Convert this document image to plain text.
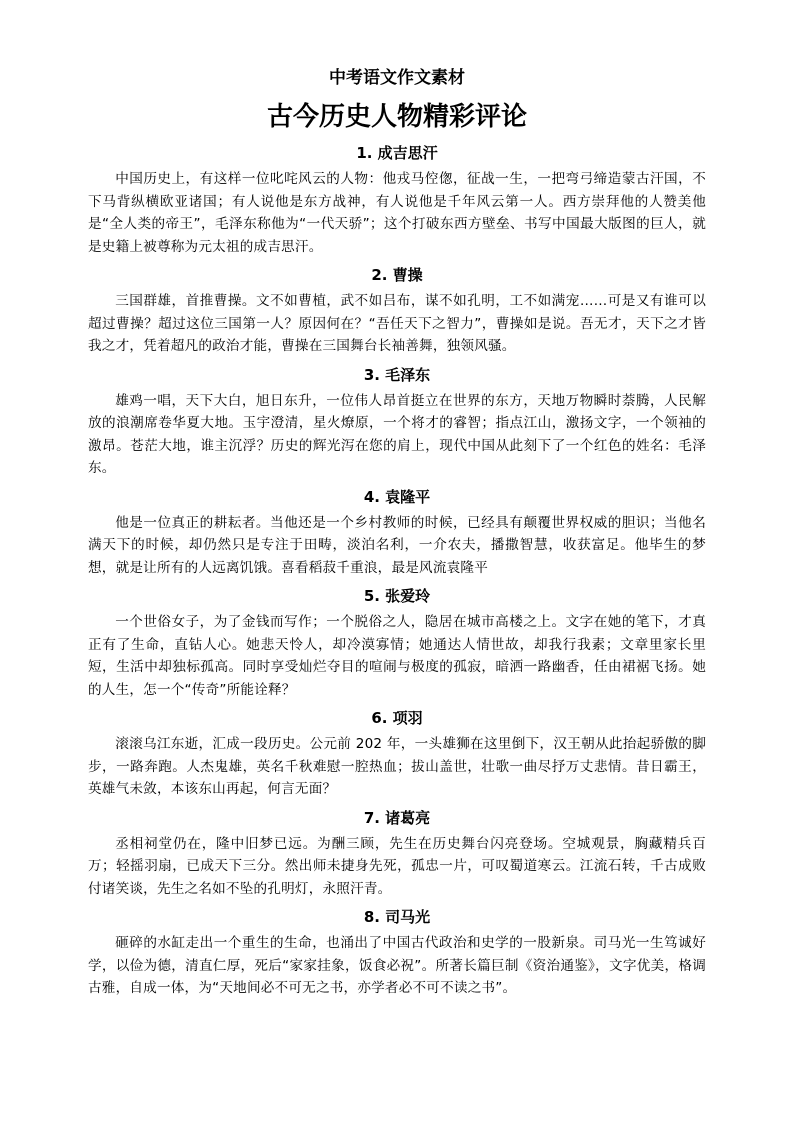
中考语文作文素材
古今历史人物精彩评论
1. 成吉思汗

中国历史上，有这样一位叱咤风云的人物：他戎马倥偬，征战一生，一把弯弓缔造蒙古汗国，不下马背纵横欧亚诸国；有人说他是东方战神，有人说他是千年风云第一人。西方崇拜他的人赞美他是“全人类的帝王”，毛泽东称他为“一代天骄”；这个打破东西方壁垒、书写中国最大版图的巨人，就是史籍上被尊称为元太祖的成吉思汗。

2. 曹操

三国群雄，首推曹操。文不如曹植，武不如吕布，谋不如孔明，工不如满宠……可是又有谁可以超过曹操？超过这位三国第一人？原因何在？“吾任天下之智力”，曹操如是说。吾无才，天下之才皆我之才，凭着超凡的政治才能，曹操在三国舞台长袖善舞，独领风骚。

3. 毛泽东

雄鸡一唱，天下大白，旭日东升，一位伟人昂首挺立在世界的东方，天地万物瞬时萘腾，人民解放的浪潮席卷华夏大地。玉宇澄清，星火燎原，一个将才的睿智；指点江山，激扬文字，一个领袖的激昂。苍茫大地，谁主沉浮？历史的辉光泻在您的肩上，现代中国从此刻下了一个红色的姓名：毛泽东。

4. 袁隆平

他是一位真正的耕耘者。当他还是一个乡村教师的时候，已经具有颠覆世界权威的胆识；当他名满天下的时候，却仍然只是专注于田畴，淡泊名利，一介农夫，播撒智慧，收获富足。他毕生的梦想，就是让所有的人远离饥饿。喜看稻菽千重浪，最是风流袁隆平

5. 张爱玲

一个世俗女子，为了金钱而写作；一个脱俗之人，隐居在城市高楼之上。文字在她的笔下，才真正有了生命，直钻人心。她悲天怜人，却冷漠寡情；她通达人情世故，却我行我素；文章里家长里短，生活中却独标孤高。同时享受灿烂夺目的喧闹与极度的孤寂，暗洒一路幽香，任由裙裾飞扬。她的人生，怎一个“传奇”所能诠释？

6. 项羽

滚滚乌江东逝，汇成一段历史。公元前 202 年，一头雄狮在这里倒下，汉王朝从此抬起骄傲的脚步，一路奔跑。人杰鬼雄，英名千秋难慰一腔热血；拔山盖世，壮歌一曲尽抒万丈悲情。昔日霸王，英雄气未敛，本该东山再起，何言无面？

7. 诸葛亮

丞相祠堂仍在，隆中旧梦已远。为酬三顾，先生在历史舞台闪亮登场。空城观景，胸藏精兵百万；轻摇羽扇，已成天下三分。然出师未捷身先死，孤忠一片，可叹蜀道寒云。江流石转，千古成败付诸笑谈，先生之名如不坠的孔明灯，永照汗青。

8. 司马光

砸碎的水缸走出一个重生的生命，也涌出了中国古代政治和史学的一股新泉。司马光一生笃诚好学，以俭为德，清直仁厚，死后“家家挂象，饭食必祝”。所著长篇巨制《资治通鉴》，文字优美，格调古雅，自成一体，为“天地间必不可无之书，亦学者必不可不读之书”。
